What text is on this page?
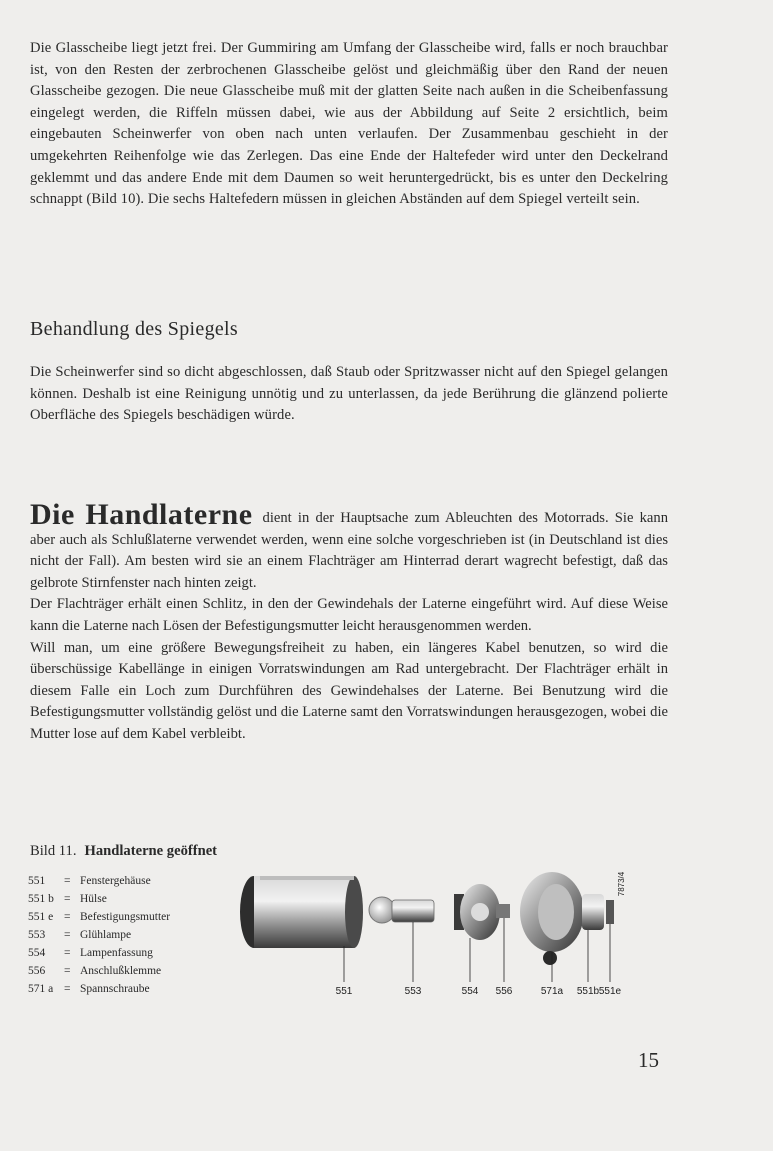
Die Glasscheibe liegt jetzt frei. Der Gummiring am Umfang der Glasscheibe wird, falls er noch brauchbar ist, von den Resten der zerbrochenen Glasscheibe gelöst und gleichmäßig über den Rand der neuen Glasscheibe gezogen. Die neue Glasscheibe muß mit der glatten Seite nach außen in die Scheibenfassung eingelegt werden, die Riffeln müssen dabei, wie aus der Abbildung auf Seite 2 ersichtlich, beim eingebauten Scheinwerfer von oben nach unten verlaufen. Der Zusammenbau geschieht in der umgekehrten Reihenfolge wie das Zerlegen. Das eine Ende der Haltefeder wird unter den Deckelrand geklemmt und das andere Ende mit dem Daumen so weit heruntergedrückt, bis es unter den Deckelring schnappt (Bild 10). Die sechs Haltefedern müssen in gleichen Abständen auf dem Spiegel verteilt sein.
Behandlung des Spiegels
Die Scheinwerfer sind so dicht abgeschlossen, daß Staub oder Spritzwasser nicht auf den Spiegel gelangen können. Deshalb ist eine Reinigung unnötig und zu unterlassen, da jede Berührung die glänzend polierte Oberfläche des Spiegels beschädigen würde.

Die Handlaterne dient in der Hauptsache zum Ableuchten des Motorrads. Sie kann aber auch als Schlußlaterne verwendet werden, wenn eine solche vorgeschrieben ist (in Deutschland ist dies nicht der Fall). Am besten wird sie an einem Flachträger am Hinterrad derart wagrecht befestigt, daß das gelbrote Stirnfenster nach hinten zeigt.

Der Flachträger erhält einen Schlitz, in den der Gewindehals der Laterne eingeführt wird. Auf diese Weise kann die Laterne nach Lösen der Befestigungsmutter leicht herausgenommen werden.

Will man, um eine größere Bewegungsfreiheit zu haben, ein längeres Kabel benutzen, so wird die überschüssige Kabellänge in einigen Vorratswindungen am Rad untergebracht. Der Flachträger erhält in diesem Falle ein Loch zum Durchführen des Gewindehalses der Laterne. Bei Benutzung wird die Befestigungsmutter vollständig gelöst und die Laterne samt den Vorratswindungen herausgezogen, wobei die Mutter lose auf dem Kabel verbleibt.

Bild 11. Handlaterne geöffnet
551	= Fenstergehäuse
551 b = Hülse
551 e = Befestigungsmutter
553	= Glühlampe
554	= Lampenfassung
556	= Anschlußklemme
571 a = Spannschraube	551	553	554 556	571a 551b 551e
7873/4
15
